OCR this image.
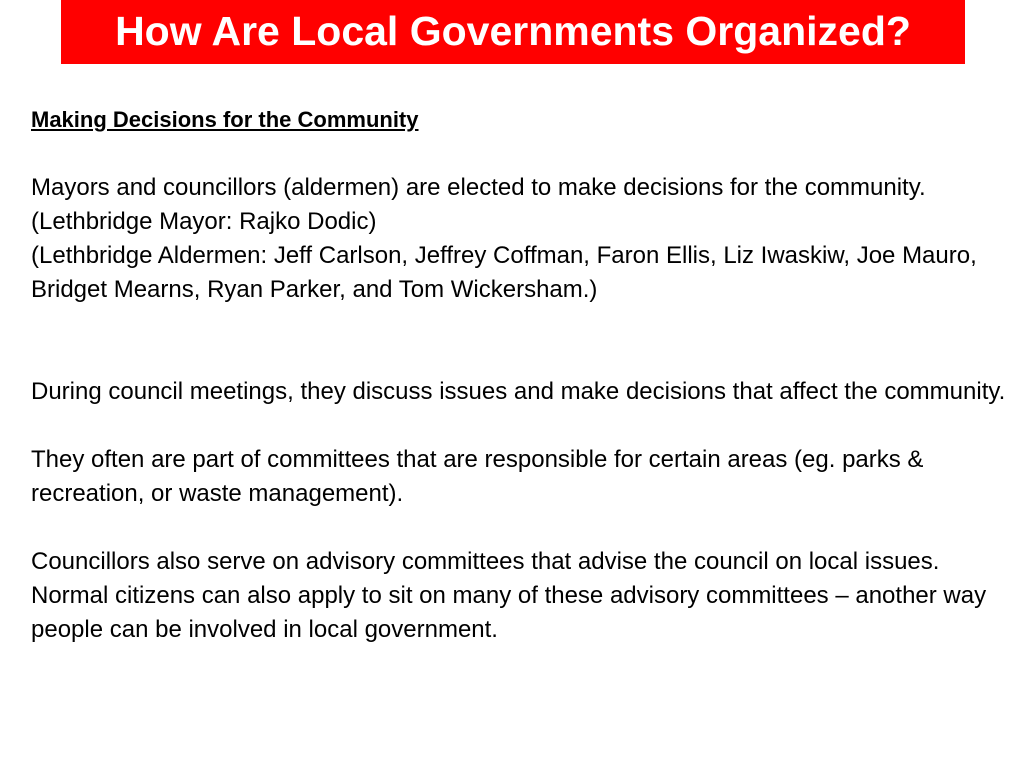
How Are Local Governments Organized?

Making Decisions for the Community

Mayors and councillors (aldermen) are elected to make decisions for the community.

(Lethbridge Mayor: Rajko Dodic)

(Lethbridge Aldermen: Jeff Carlson, Jeffrey Coffman, Faron Ellis, Liz Iwaskiw, Joe Mauro, Bridget Mearns, Ryan Parker, and Tom Wickersham.)

During council meetings, they discuss issues and make decisions that affect the community.

They often are part of committees that are responsible for certain areas (eg. parks & recreation, or waste management).

Councillors also serve on advisory committees that advise the council on local issues. Normal citizens can also apply to sit on many of these advisory committees – another way people can be involved in local government.
